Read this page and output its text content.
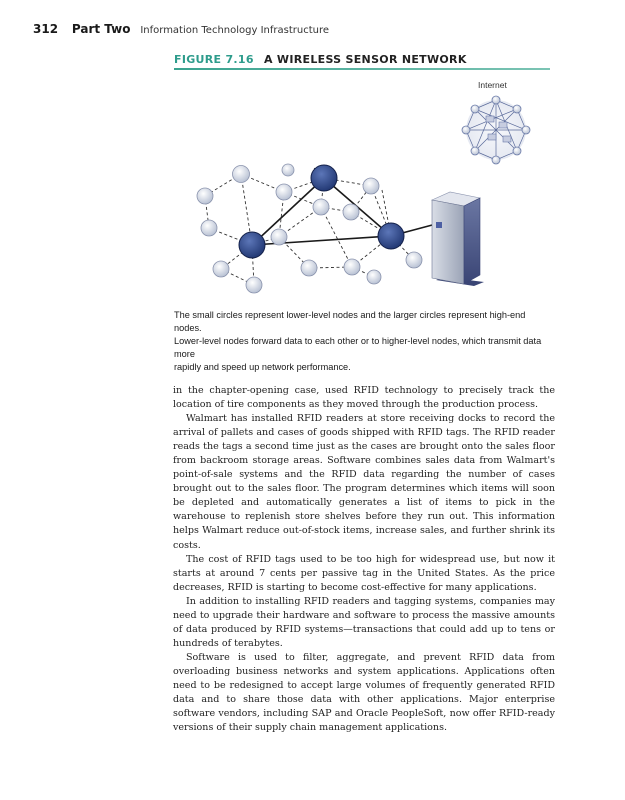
312 Part Two Information Technology Infrastructure
FIGURE 7.16 A WIRELESS SENSOR NETWORK
Internet

The small circles represent lower-level nodes and the larger circles represent high-end nodes.

Lower-level nodes forward data to each other or to higher-level nodes, which transmit data more

rapidly and speed up network performance.

in the chapter-opening case, used RFID technology to precisely track the location of tire components as they moved through the production process.

Walmart has installed RFID readers at store receiving docks to record the arrival of pallets and cases of goods shipped with RFID tags. The RFID reader reads the tags a second time just as the cases are brought onto the sales floor from backroom storage areas. Software combines sales data from Walmart's point-of-sale systems and the RFID data regarding the number of cases brought out to the sales floor. The program determines which items will soon be depleted and automatically generates a list of items to pick in the warehouse to replenish store shelves before they run out. This information helps Walmart reduce out-of-stock items, increase sales, and further shrink its costs.

The cost of RFID tags used to be too high for widespread use, but now it starts at around 7 cents per passive tag in the United States. As the price decreases, RFID is starting to become cost-effective for many applications.

In addition to installing RFID readers and tagging systems, companies may need to upgrade their hardware and software to process the massive amounts of data produced by RFID systems—transactions that could add up to tens or hundreds of terabytes.

Software is used to filter, aggregate, and prevent RFID data from overloading business networks and system applications. Applications often need to be redesigned to accept large volumes of frequently generated RFID data and to share those data with other applications. Major enterprise software vendors, including SAP and Oracle PeopleSoft, now offer RFID-ready versions of their supply chain management applications.
